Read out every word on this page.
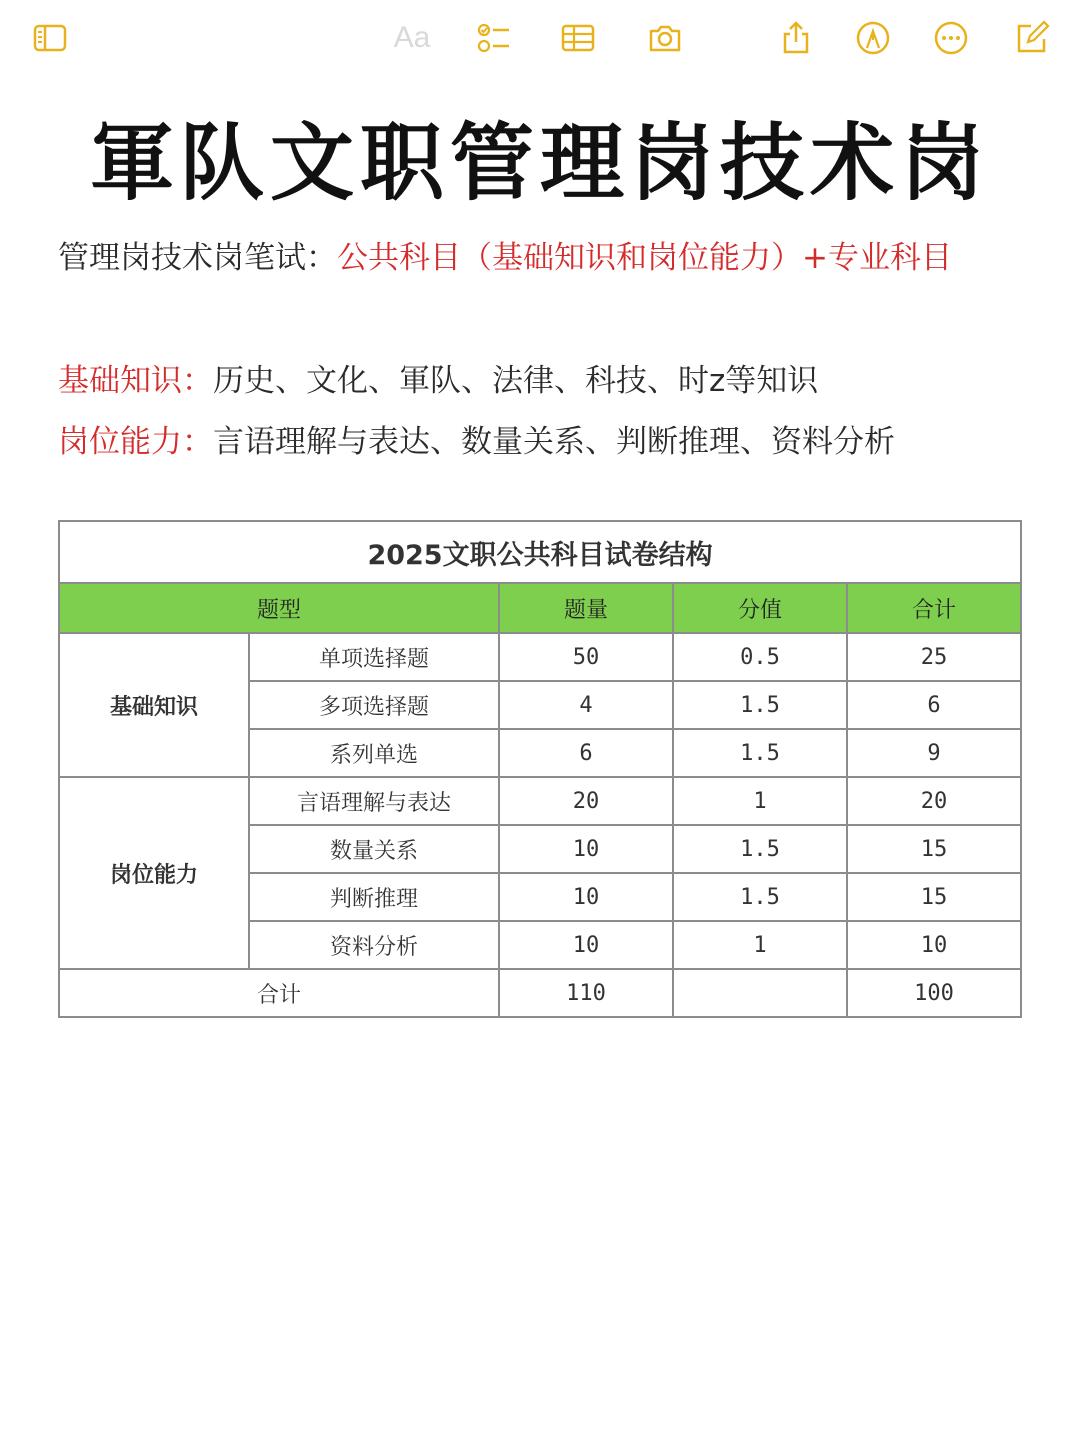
Aa
軍队文职管理岗技术岗
管理岗技术岗笔试：公共科目（基础知识和岗位能力）+专业科目
基础知识：历史、文化、軍队、法律、科技、时z等知识
岗位能力：言语理解与表达、数量关系、判断推理、资料分析
2025文职公共科目试卷结构				
题型		题量	分值	合计
基础知识	单项选择题	50	0.5	25
	多项选择题	4	1.5	6
	系列单选	6	1.5	9
岗位能力	言语理解与表达	20	1	20
	数量关系	10	1.5	15
	判断推理	10	1.5	15
	资料分析	10	1	10
合计		110		100
